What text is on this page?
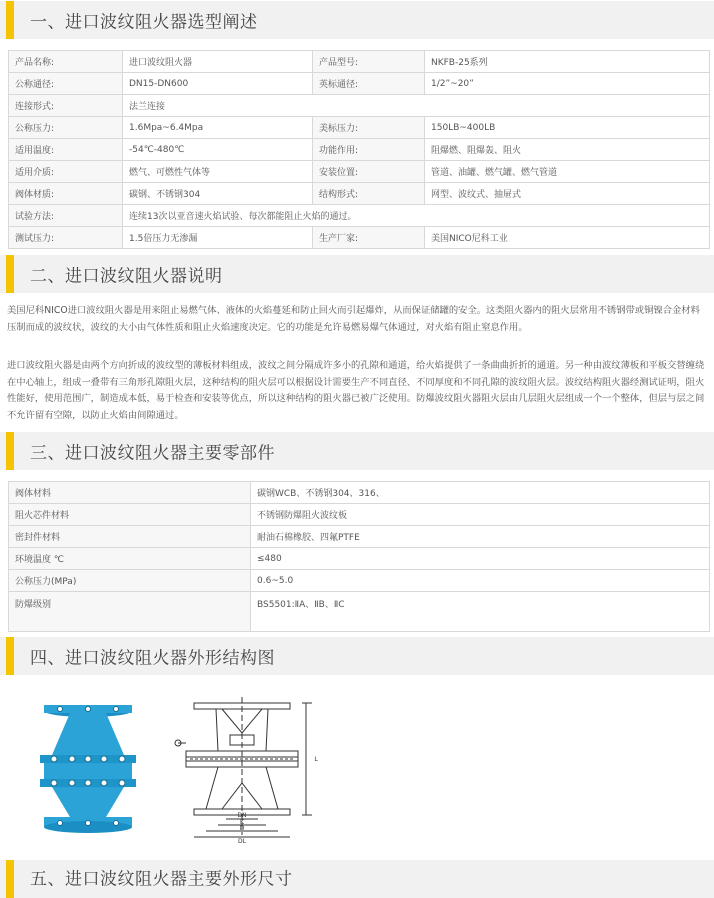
一、进口波纹阻火器选型阐述
产品名称:	进口波纹阻火器	产品型号:	NKFB-25系列
公称通径:	DN15-DN600	英标通径:	1/2”~20”
连接形式:	法兰连接		
公称压力:	1.6Mpa~6.4Mpa	美标压力:	150LB~400LB
适用温度:	-54℃-480℃	功能作用:	阻爆燃、阻爆轰、阻火
适用介质:	燃气、可燃性气体等	安装位置:	管道、油罐、燃气罐、燃气管道
阀体材质:	碳钢、不锈钢304	结构形式:	网型、波纹式、抽屉式
试验方法:	连续13次以亚音速火焰试验、每次都能阻止火焰的通过。		
测试压力:	1.5倍压力无渗漏	生产厂家:	美国NICO尼科工业
二、进口波纹阻火器说明
美国尼科NICO进口波纹阻火器是用来阻止易燃气体、液体的火焰蔓延和防止回火而引起爆炸，从而保证储罐的安全。这类阻火器内的阻火层常用不锈钢带或铜镍合金材料压制而成的波纹状，波纹的大小由气体性质和阻止火焰速度决定。它的功能是允许易燃易爆气体通过，对火焰有阻止窒息作用。
进口波纹阻火器是由两个方向折成的波纹型的薄板材料组成，波纹之间分隔成许多小的孔隙和通道，给火焰提供了一条曲曲折折的通道。另一种由波纹薄板和平板交替缠绕在中心轴上，组成一叠带有三角形孔隙阻火层，这种结构的阻火层可以根据设计需要生产不同直径、不同厚度和不同孔隙的波纹阻火层。波纹结构阻火器经测试证明，阻火性能好，使用范围广，制造成本低，易于检查和安装等优点，所以这种结构的阻火器已被广泛使用。防爆波纹阻火器阻火层由几层阻火层组成一个一个整体，但层与层之间不允许留有空隙，以防止火焰由间隙通过。
三、进口波纹阻火器主要零部件
阀体材料	碳钢WCB、不锈钢304、316、
阻火芯件材料	不锈钢防爆阻火波纹板
密封件材料	耐油石棉橡胶、四氟PTFE
环境温度 ℃	≤480
公称压力(MPa)	0.6~5.0
防爆级别	BS5501:ⅡA、ⅡB、ⅡC
四、进口波纹阻火器外形结构图
DN
K
D
DL
L
五、进口波纹阻火器主要外形尺寸
